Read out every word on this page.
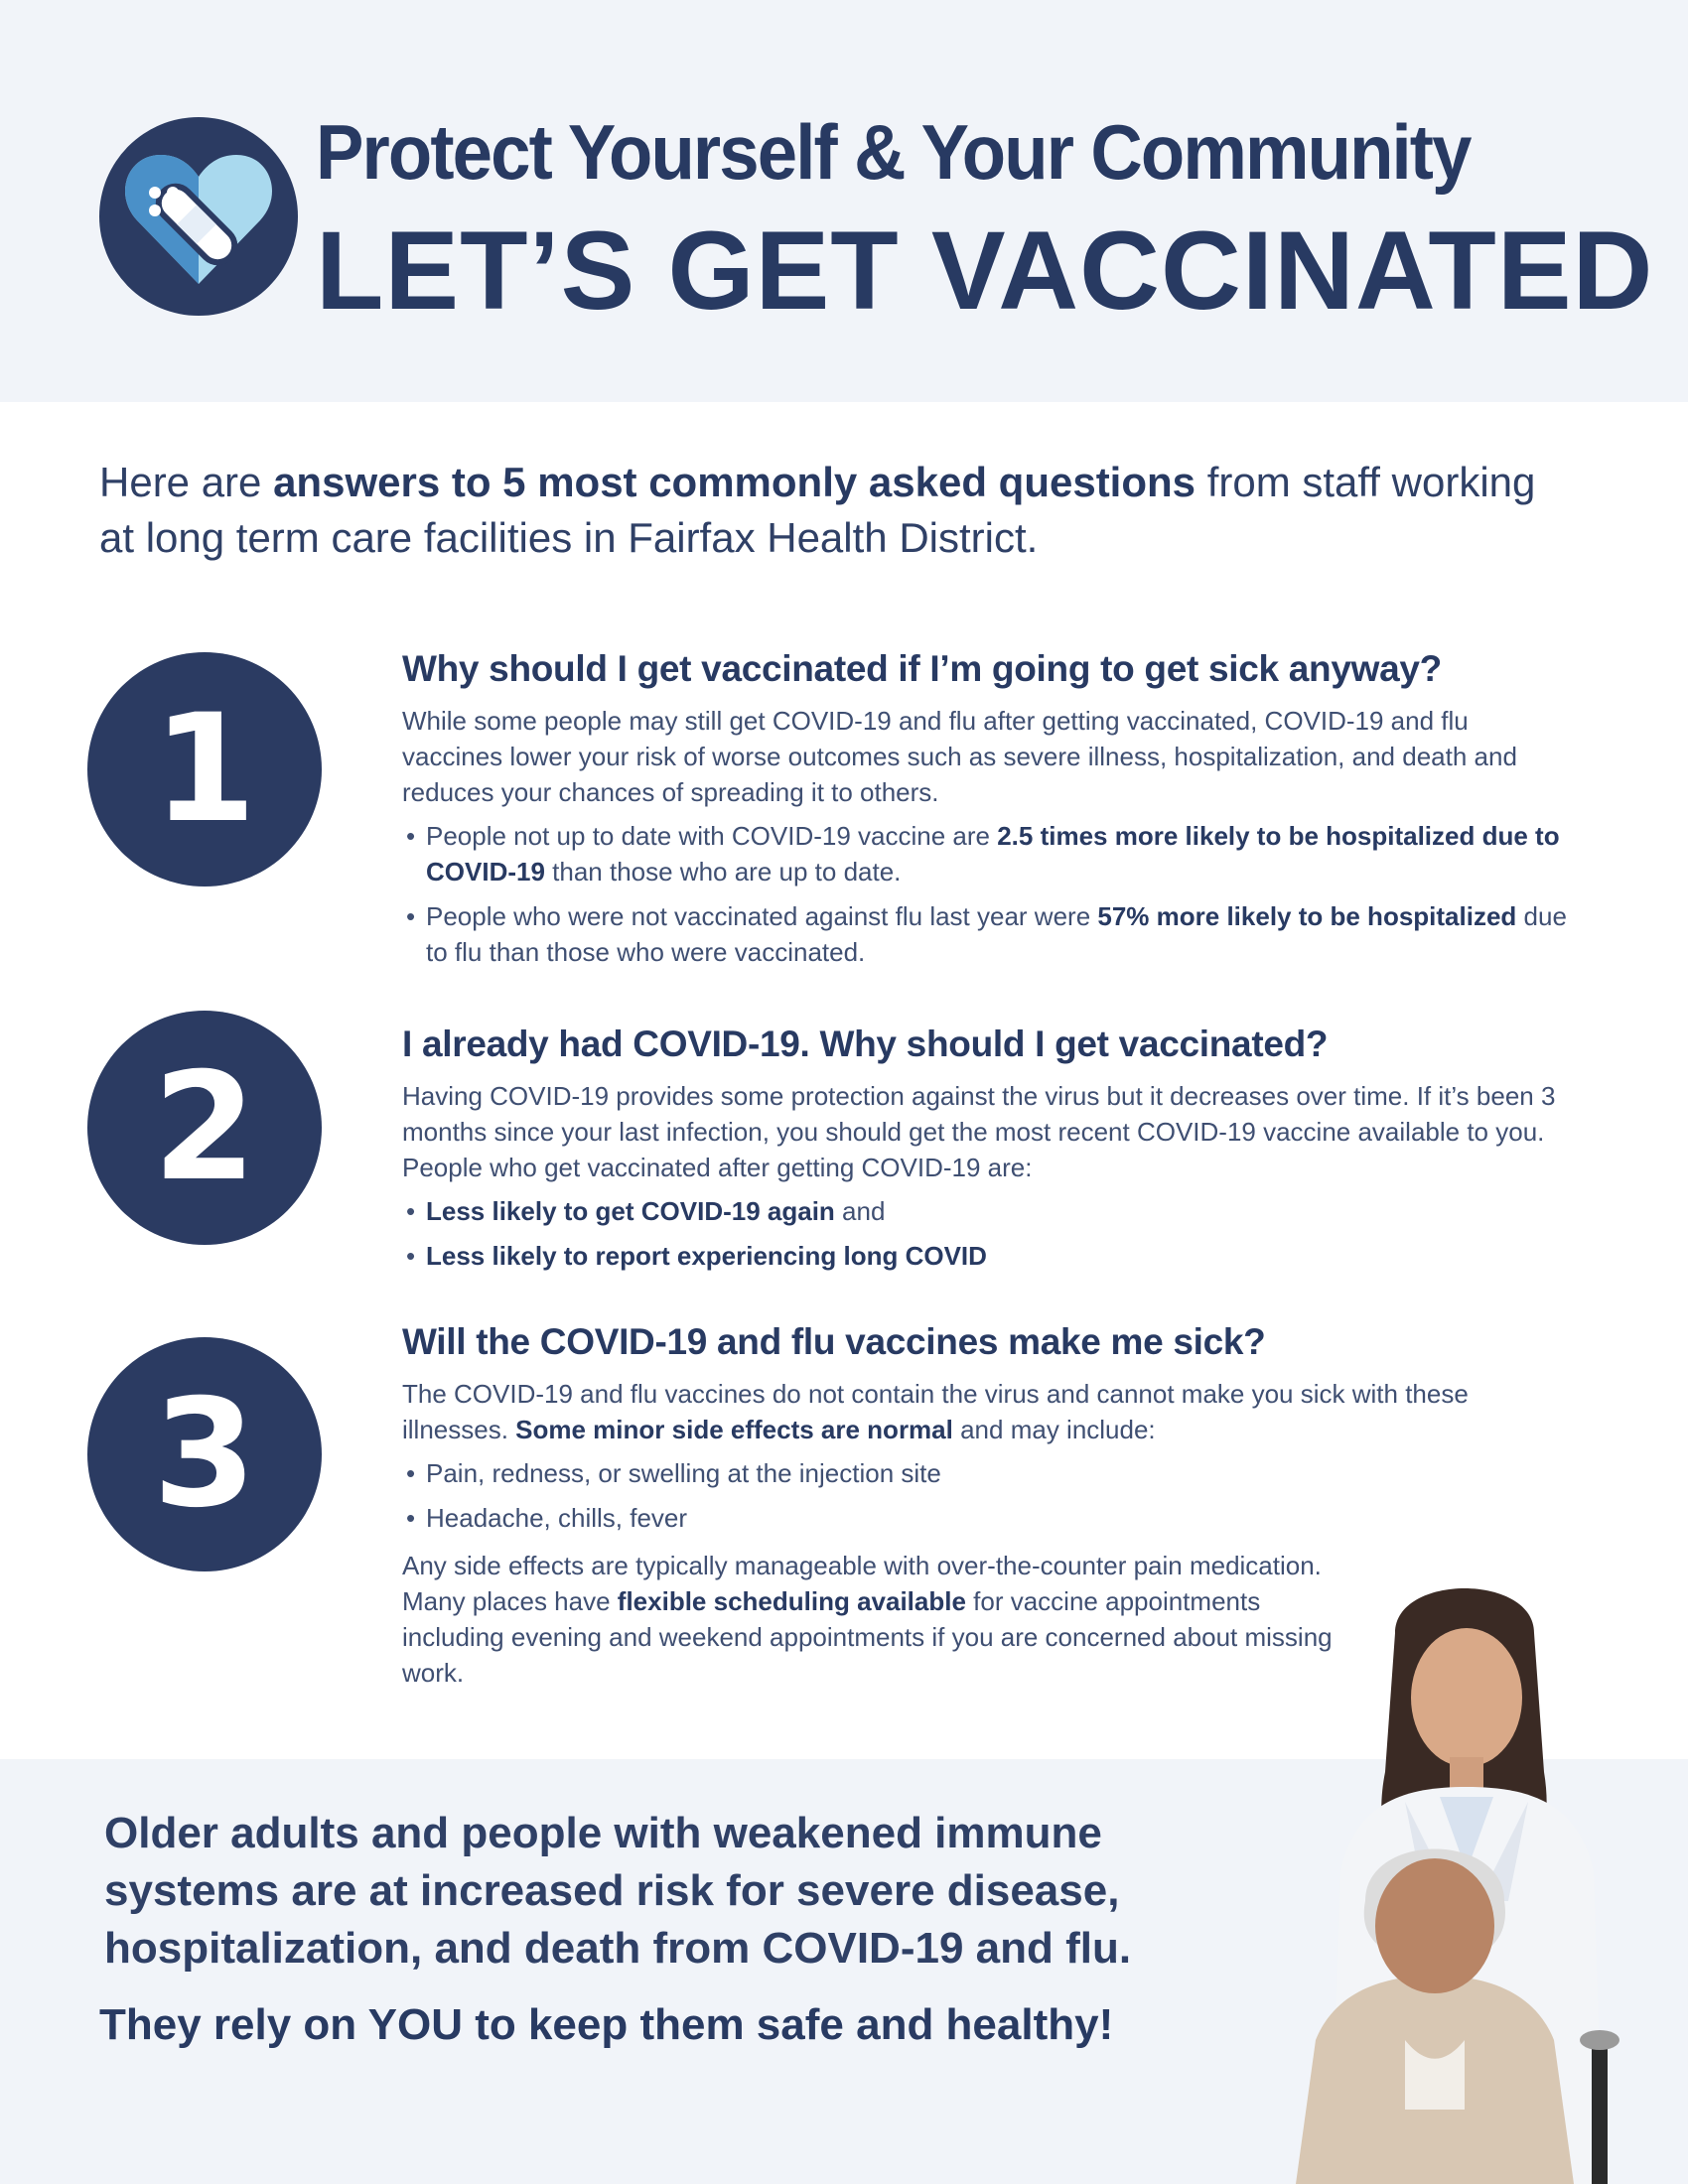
Protect Yourself & Your Community
LET’S GET VACCINATED
Here are answers to 5 most commonly asked questions from staff working at long term care facilities in Fairfax Health District.
1
Why should I get vaccinated if I’m going to get sick anyway?

While some people may still get COVID-19 and flu after getting vaccinated, COVID-19 and flu vaccines lower your risk of worse outcomes such as severe illness, hospitalization, and death and reduces your chances of spreading it to others.

• People not up to date with COVID-19 vaccine are 2.5 times more likely to be hospitalized due to COVID-19 than those who are up to date.
• People who were not vaccinated against flu last year were 57% more likely to be hospitalized due to flu than those who were vaccinated.
2	I already had COVID-19. Why should I get vaccinated?

Having COVID-19 provides some protection against the virus but it decreases over time. If it’s been 3 months since your last infection, you should get the most recent COVID-19 vaccine available to you. People who get vaccinated after getting COVID-19 are:

• Less likely to get COVID-19 again and
• Less likely to report experiencing long COVID
3
Will the COVID-19 and flu vaccines make me sick?

The COVID-19 and flu vaccines do not contain the virus and cannot make you sick with these illnesses. Some minor side effects are normal and may include:

• Pain, redness, or swelling at the injection site
• Headache, chills, fever

Any side effects are typically manageable with over-the-counter pain medication. Many places have flexible scheduling available for vaccine appointments including evening and weekend appointments if you are concerned about missing work.

Older adults and people with weakened immune systems are at increased risk for severe disease, hospitalization, and death from COVID-19 and flu.
They rely on YOU to keep them safe and healthy!
